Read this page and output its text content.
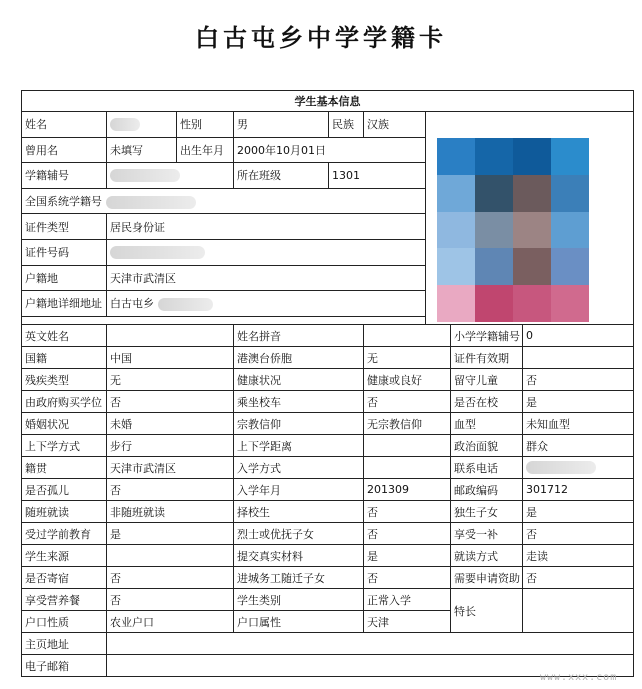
白古屯乡中学学籍卡
学生基本信息								
姓名		性别	男	民族	汉族			

曾用名	未填写	出生年月	2000年10月01日					
学籍辅号			所在班级	1301				
全国系统学籍号								
证件类型	居民身份证							
证件号码								
户籍地	天津市武清区							
户籍地详细地址	白古屯乡							

英文姓名			姓名拼音				小学学籍辅号	0
国籍	中国		港澳台侨胞		无		证件有效期	
残疾类型	无		健康状况		健康或良好		留守儿童	否
由政府购买学位	否		乘坐校车		否		是否在校	是
婚姻状况	未婚		宗教信仰		无宗教信仰		血型	未知血型
上下学方式	步行		上下学距离				政治面貌	群众
籍贯	天津市武清区		入学方式				联系电话	
是否孤儿	否		入学年月		201309		邮政编码	301712
随班就读	非随班就读		择校生		否		独生子女	是
受过学前教育	是		烈士或优抚子女		否		享受一补	否
学生来源			提交真实材料		是		就读方式	走读
是否寄宿	否		进城务工随迁子女		否		需要申请资助	否
享受营养餐	否		学生类别		正常入学		特长	
户口性质	农业户口		户口属性		天津			
主页地址								
电子邮箱								
www.xxx.com
